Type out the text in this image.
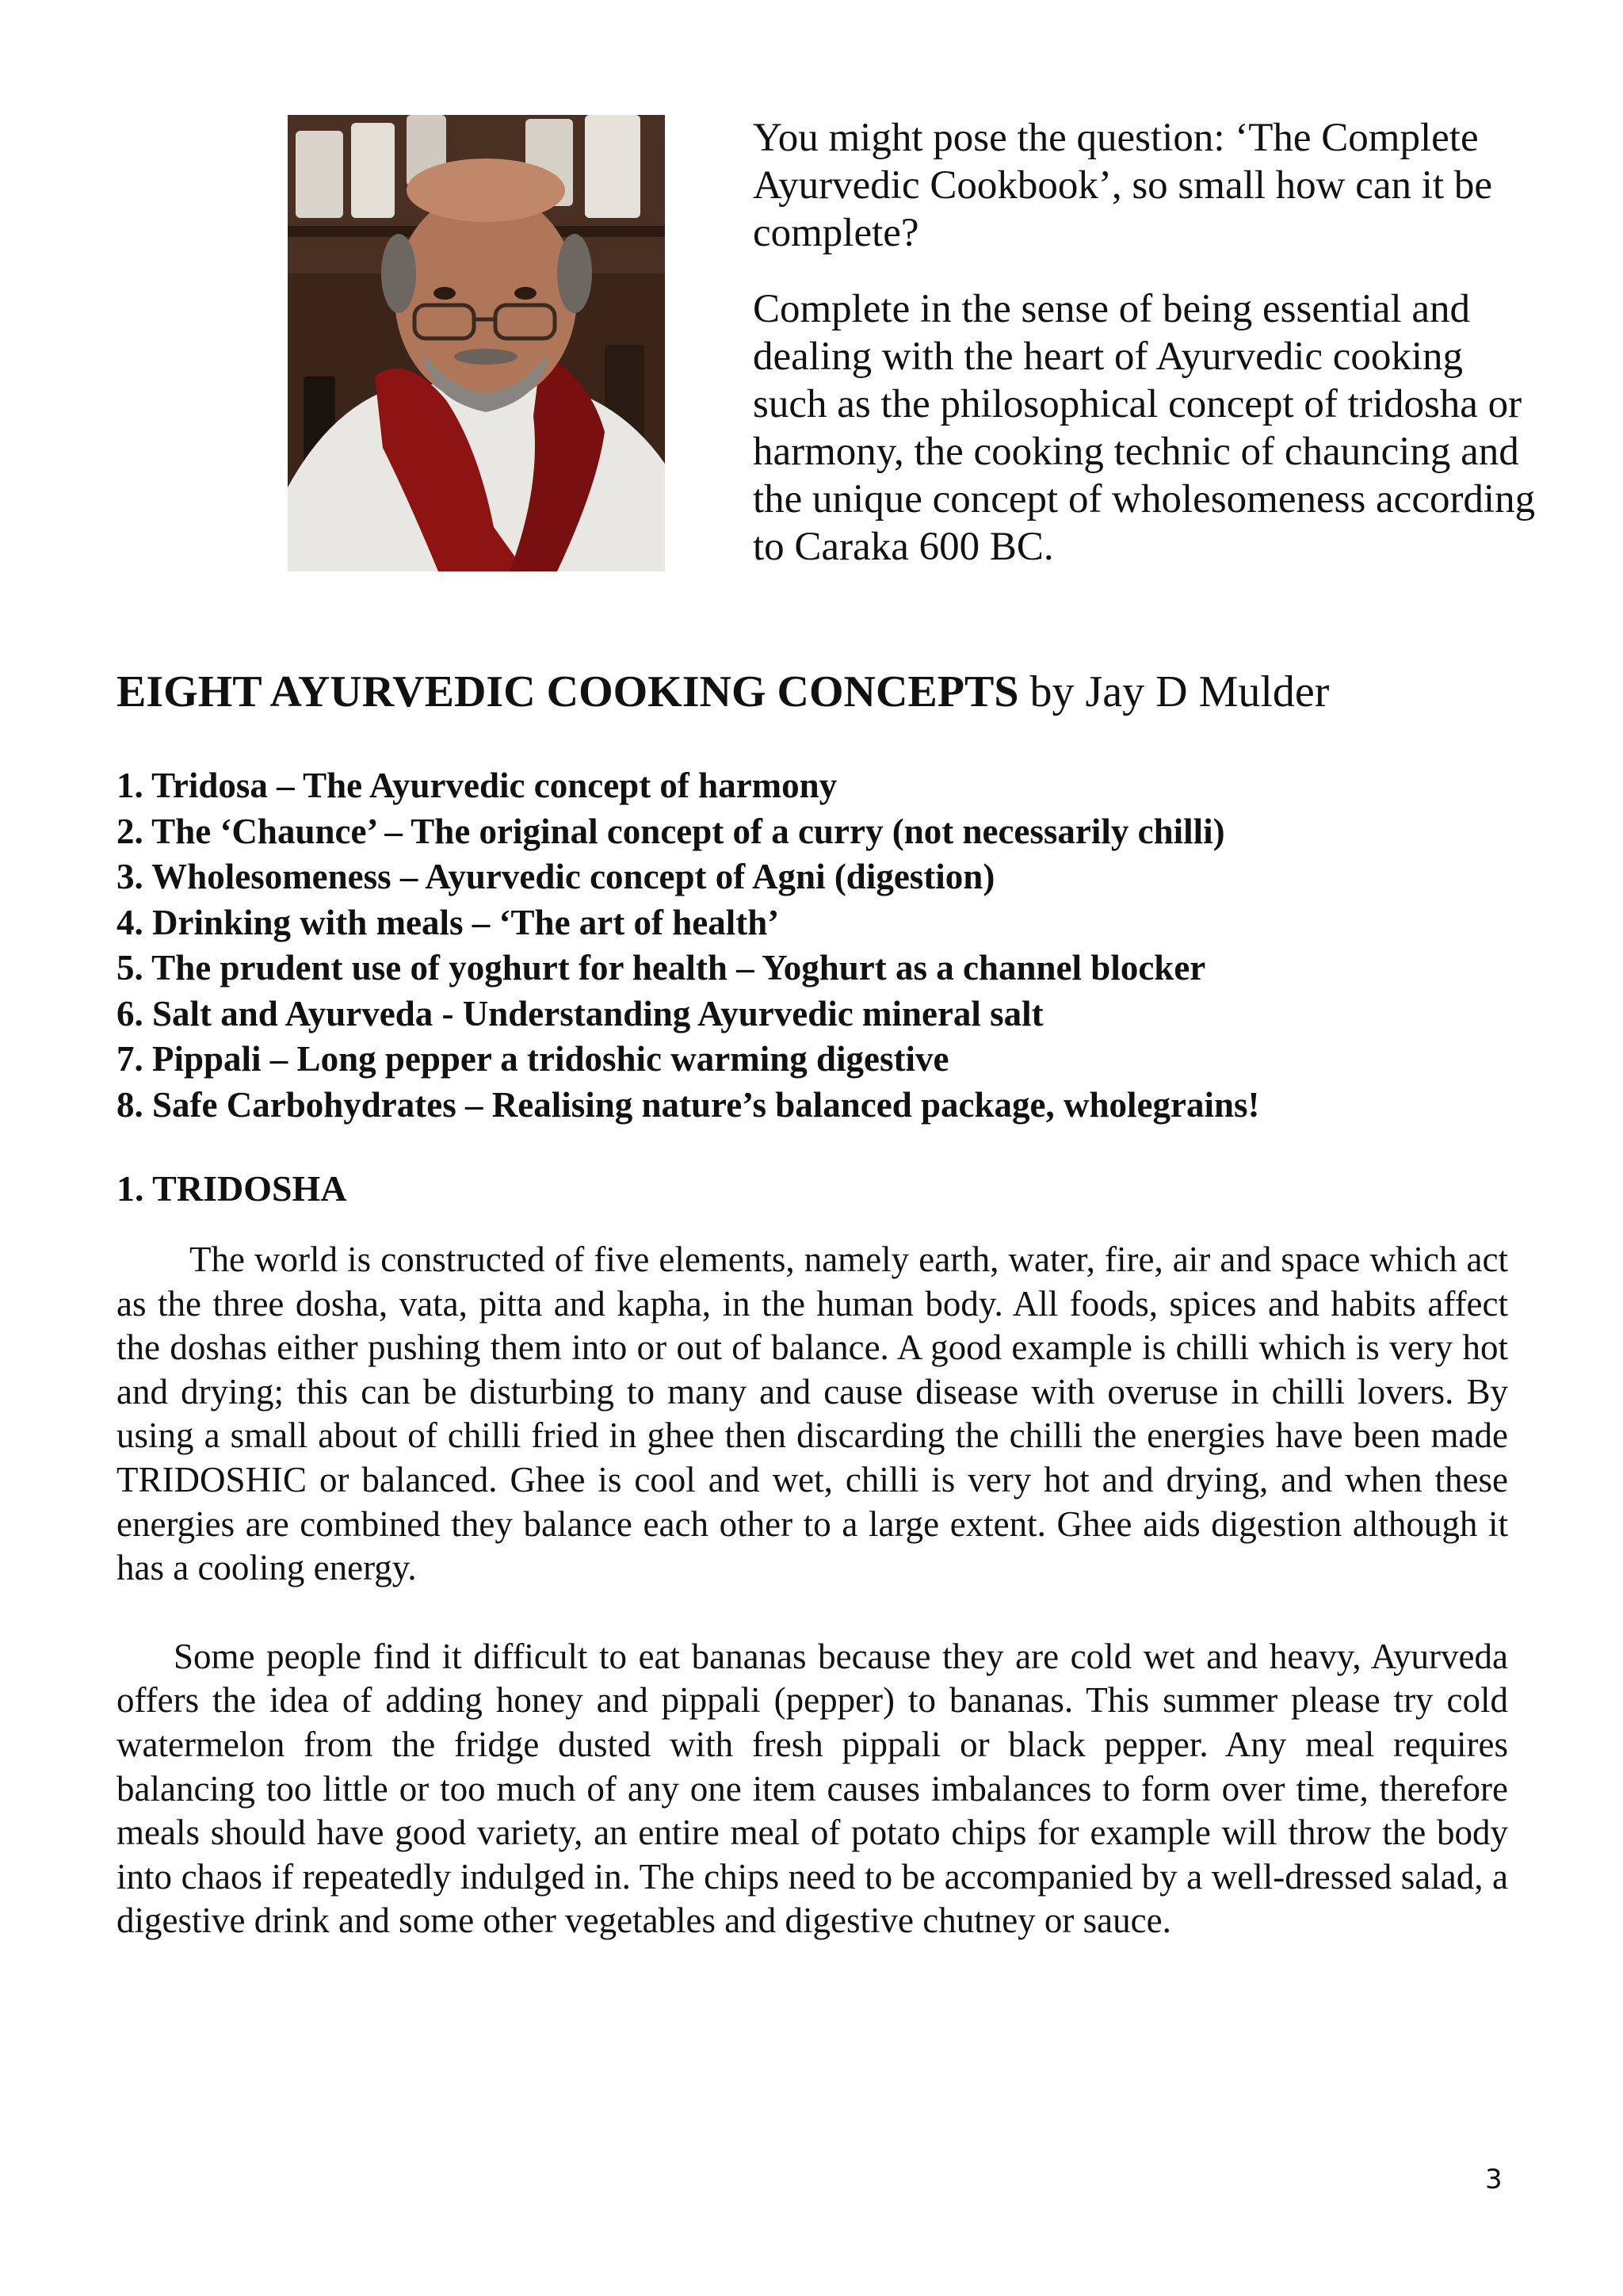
You might pose the question: ‘The Complete Ayurvedic Cookbook’, so small how can it be complete?

Complete in the sense of being essential and dealing with the heart of Ayurvedic cooking such as the philosophical concept of tridosha or harmony, the cooking technic of chauncing and the unique concept of wholesomeness according to Caraka 600 BC.

EIGHT AYURVEDIC COOKING CONCEPTS by Jay D Mulder
1. Tridosa – The Ayurvedic concept of harmony
2. The ‘Chaunce’ – The original concept of a curry (not necessarily chilli)
3. Wholesomeness – Ayurvedic concept of Agni (digestion)
4. Drinking with meals – ‘The art of health’
5. The prudent use of yoghurt for health – Yoghurt as a channel blocker
6. Salt and Ayurveda - Understanding Ayurvedic mineral salt
7. Pippali – Long pepper a tridoshic warming digestive
8. Safe Carbohydrates – Realising nature’s balanced package, wholegrains!
1. TRIDOSHA

The world is constructed of five elements, namely earth, water, fire, air and space which act as the three dosha, vata, pitta and kapha, in the human body. All foods, spices and habits affect the doshas either pushing them into or out of balance. A good example is chilli which is very hot and drying; this can be disturbing to many and cause disease with overuse in chilli lovers. By using a small about of chilli fried in ghee then discarding the chilli the energies have been made TRIDOSHIC or balanced. Ghee is cool and wet, chilli is very hot and drying, and when these energies are combined they balance each other to a large extent. Ghee aids digestion although it has a cooling energy.

Some people find it difficult to eat bananas because they are cold wet and heavy, Ayurveda offers the idea of adding honey and pippali (pepper) to bananas. This summer please try cold watermelon from the fridge dusted with fresh pippali or black pepper. Any meal requires balancing too little or too much of any one item causes imbalances to form over time, therefore meals should have good variety, an entire meal of potato chips for example will throw the body into chaos if repeatedly indulged in. The chips need to be accompanied by a well-dressed salad, a digestive drink and some other vegetables and digestive chutney or sauce.

3
